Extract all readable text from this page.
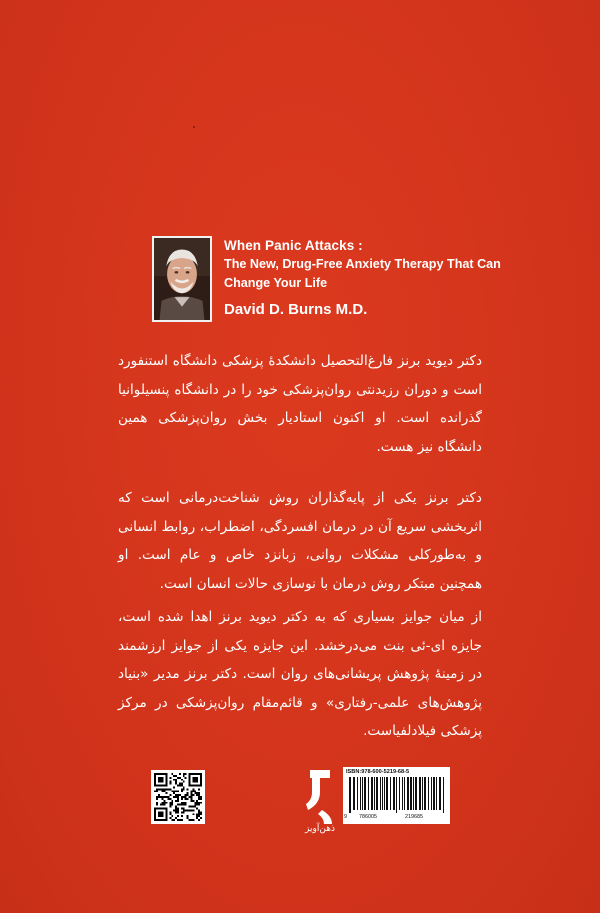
When Panic Attacks :
The New, Drug-Free Anxiety Therapy That Can Change Your Life
David D. Burns M.D.
دکتر دیوید برنز فارغ‌التحصیل دانشکدهٔ پزشکی دانشگاه استنفورد است و دوران رزیدنتی روان‌پزشکی خود را در دانشگاه پنسیلوانیا گذرانده است. او اکنون استادیار بخش روان‌پزشکی همین دانشگاه نیز هست.
دکتر برنز یکی از پایه‌گذاران روش شناخت‌درمانی است که اثربخشی سریع آن در درمان افسردگی، اضطراب، روابط انسانی و به‌طورکلی مشکلات روانی، زبانزد خاص و عام است. او همچنین مبتکر روش درمان با نوسازی حالات انسان است.
از میان جوایز بسیاری که به دکتر دیوید برنز اهدا شده است، جایزه ای-ئی بنت می‌درخشد. این جایزه یکی از جوایز ارزشمند در زمینهٔ پژوهش پریشانی‌های روان است. دکتر برنز مدیر «بنیاد پژوهش‌های علمی-رفتاری» و قائم‌مقام روان‌پزشکی در مرکز پزشکی فیلادلفیاست.
ذهن‌آویز
ISBN:978-600-5219-68-5
9 786005	219685
